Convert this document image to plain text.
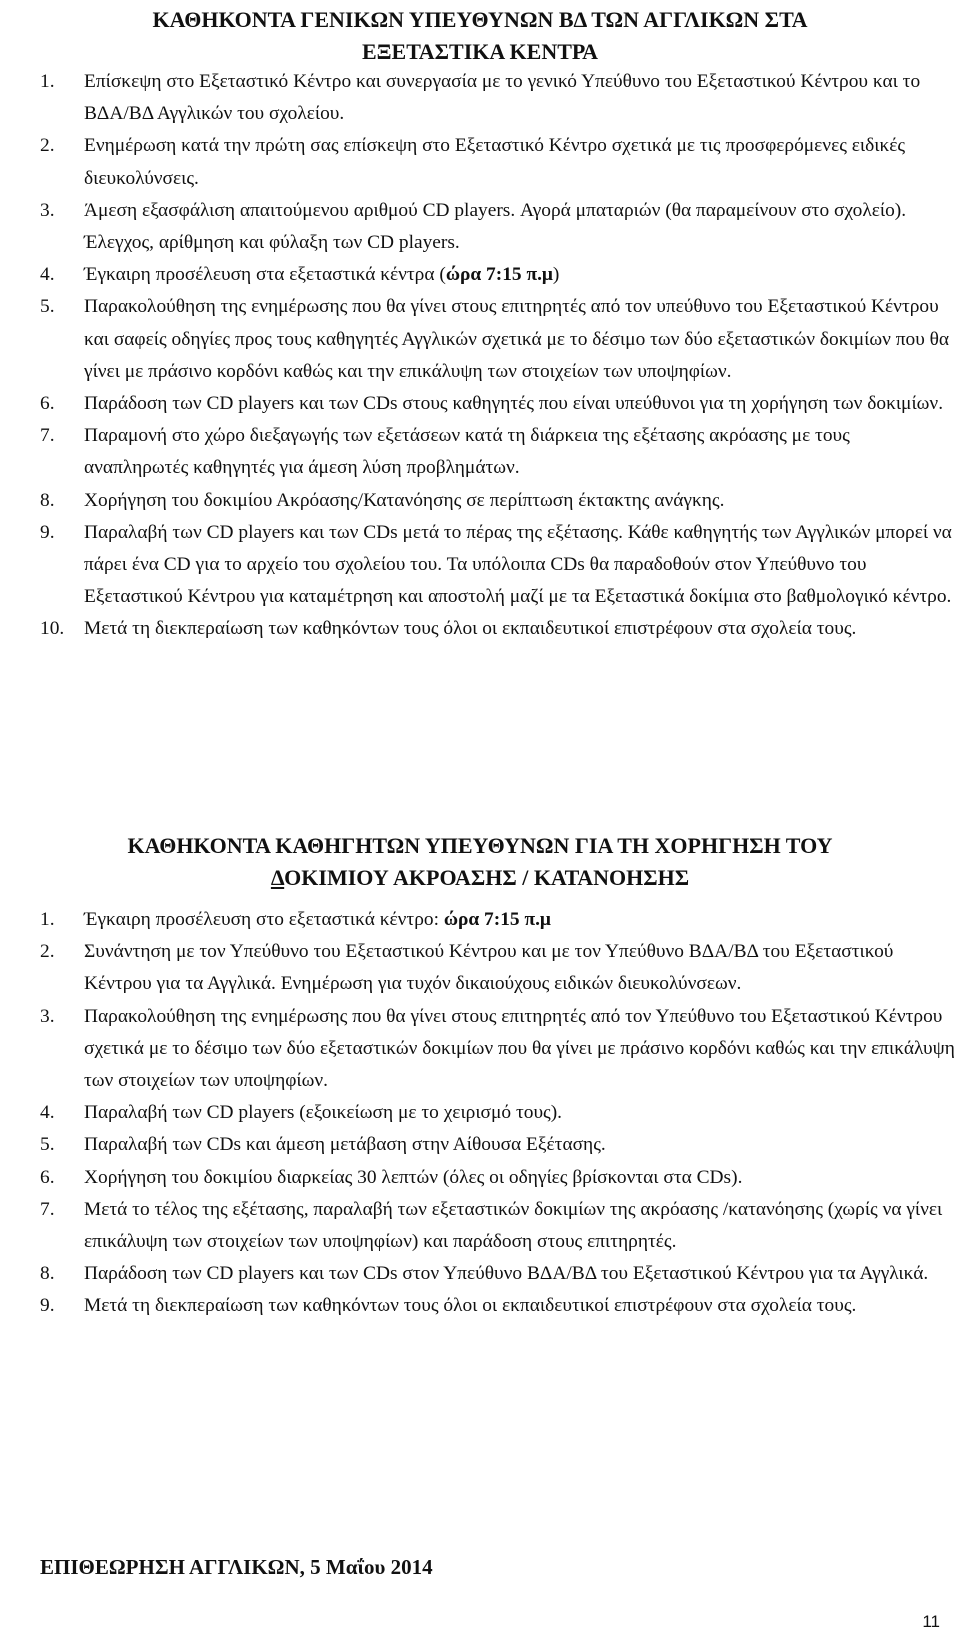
ΚΑΘΗΚΟΝΤΑ ΓΕΝΙΚΩΝ ΥΠΕΥΘΥΝΩΝ ΒΔ ΤΩΝ ΑΓΓΛΙΚΩΝ ΣΤΑ
ΕΞΕΤΑΣΤΙΚΑ ΚΕΝΤΡΑ
1. Επίσκεψη στο Εξεταστικό Κέντρο και συνεργασία με το γενικό Υπεύθυνο του Εξεταστικού Κέντρου και το ΒΔΑ/ΒΔ Αγγλικών του σχολείου.
2. Ενημέρωση κατά την πρώτη σας επίσκεψη στο Εξεταστικό Κέντρο σχετικά με τις προσφερόμενες ειδικές διευκολύνσεις.
3. Άμεση εξασφάλιση απαιτούμενου αριθμού CD players. Αγορά μπαταριών (θα παραμείνουν στο σχολείο). Έλεγχος, αρίθμηση και φύλαξη των CD players.
4. Έγκαιρη προσέλευση στα εξεταστικά κέντρα (ώρα 7:15 π.μ)
5. Παρακολούθηση της ενημέρωσης που θα γίνει στους επιτηρητές από τον υπεύθυνο του Εξεταστικού Κέντρου και σαφείς οδηγίες προς τους καθηγητές Αγγλικών σχετικά με το δέσιμο των δύο εξεταστικών δοκιμίων που θα γίνει με πράσινο κορδόνι καθώς και την επικάλυψη των στοιχείων των υποψηφίων.
6. Παράδοση των CD players και των CDs στους καθηγητές που είναι υπεύθυνοι για τη χορήγηση των δοκιμίων.
7. Παραμονή στο χώρο διεξαγωγής των εξετάσεων κατά τη διάρκεια της εξέτασης ακρόασης με τους αναπληρωτές καθηγητές για άμεση λύση προβλημάτων.
8. Χορήγηση του δοκιμίου Ακρόασης/Κατανόησης σε περίπτωση έκτακτης ανάγκης.
9. Παραλαβή των CD players και των CDs μετά το πέρας της εξέτασης. Κάθε καθηγητής των Αγγλικών μπορεί να πάρει ένα CD για το αρχείο του σχολείου του. Τα υπόλοιπα CDs θα παραδοθούν στον Υπεύθυνο του Εξεταστικού Κέντρου για καταμέτρηση και αποστολή μαζί με τα Εξεταστικά δοκίμια στο βαθμολογικό κέντρο.
10. Μετά τη διεκπεραίωση των καθηκόντων τους όλοι οι εκπαιδευτικοί επιστρέφουν στα σχολεία τους.
ΚΑΘΗΚΟΝΤΑ ΚΑΘΗΓΗΤΩΝ ΥΠΕΥΘΥΝΩΝ ΓΙΑ ΤΗ ΧΟΡΗΓΗΣΗ ΤΟΥ
ΔΟΚΙΜΙΟΥ ΑΚΡΟΑΣΗΣ / ΚΑΤΑΝΟΗΣΗΣ
1. Έγκαιρη προσέλευση στο εξεταστικά κέντρο: ώρα 7:15 π.μ
2. Συνάντηση με τον Υπεύθυνο του Εξεταστικού Κέντρου και με τον Υπεύθυνο ΒΔΑ/ΒΔ του Εξεταστικού Κέντρου για τα Αγγλικά. Ενημέρωση για τυχόν δικαιούχους ειδικών διευκολύνσεων.
3. Παρακολούθηση της ενημέρωσης που θα γίνει στους επιτηρητές από τον Υπεύθυνο του Εξεταστικού Κέντρου σχετικά με το δέσιμο των δύο εξεταστικών δοκιμίων που θα γίνει με πράσινο κορδόνι καθώς και την επικάλυψη των στοιχείων των υποψηφίων.
4. Παραλαβή των CD players (εξοικείωση με το χειρισμό τους).
5. Παραλαβή των CDs και άμεση μετάβαση στην Αίθουσα Εξέτασης.
6. Χορήγηση του δοκιμίου διαρκείας 30 λεπτών (όλες οι οδηγίες βρίσκονται στα CDs).
7. Μετά το τέλος της εξέτασης, παραλαβή των εξεταστικών δοκιμίων της ακρόασης /κατανόησης (χωρίς να γίνει επικάλυψη των στοιχείων των υποψηφίων) και παράδοση στους επιτηρητές.
8. Παράδοση των CD players και των CDs στον Υπεύθυνο ΒΔΑ/ΒΔ του Εξεταστικού Κέντρου για τα Αγγλικά.
9. Μετά τη διεκπεραίωση των καθηκόντων τους όλοι οι εκπαιδευτικοί επιστρέφουν στα σχολεία τους.
ΕΠΙΘΕΩΡΗΣΗ ΑΓΓΛΙΚΩΝ, 5 Μαΐου 2014
11
